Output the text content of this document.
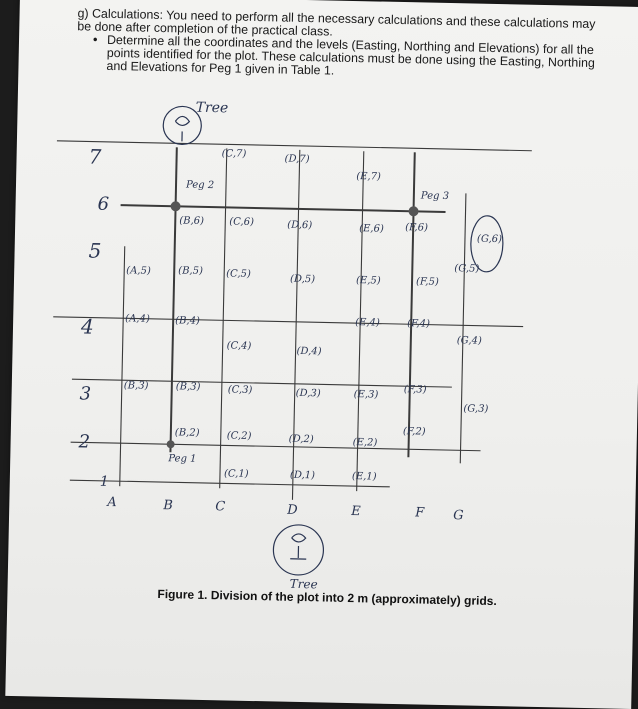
g) Calculations: You need to perform all the necessary calculations and these calculations may be done after completion of the practical class.
• Determine all the coordinates and the levels (Easting, Northing and Elevations) for all the points identified for the plot. These calculations must be done using the Easting, Northing and Elevations for Peg 1 given in Table 1.
Tree
Tree
Peg 2
Peg 3
Peg 1
7
6
5
4
3
2
1
A	B	C	D	E	F G
(C,7)	(D,7)
(E,7)
(B,6)	(C,6)	(D,6)	(E,6) (F,6)
(G,6)
(A,5)	(B,5) (C,5)	(D,5)	(E,5)	(F,5)
(G,5)
(A,4)	(B,4)
(C,4)	(D,4)
(E,4)	(F,4)
(G,4)
(B,3)	(B,3)	(C,3)	(D,3)	(E,3)	(F,3)
(G,3)
(B,2)	(C,2)	(D,2)	(E,2)
(F,2)
(C,1)	(D,1)	(E,1)
Figure 1. Division of the plot into 2 m (approximately) grids.
